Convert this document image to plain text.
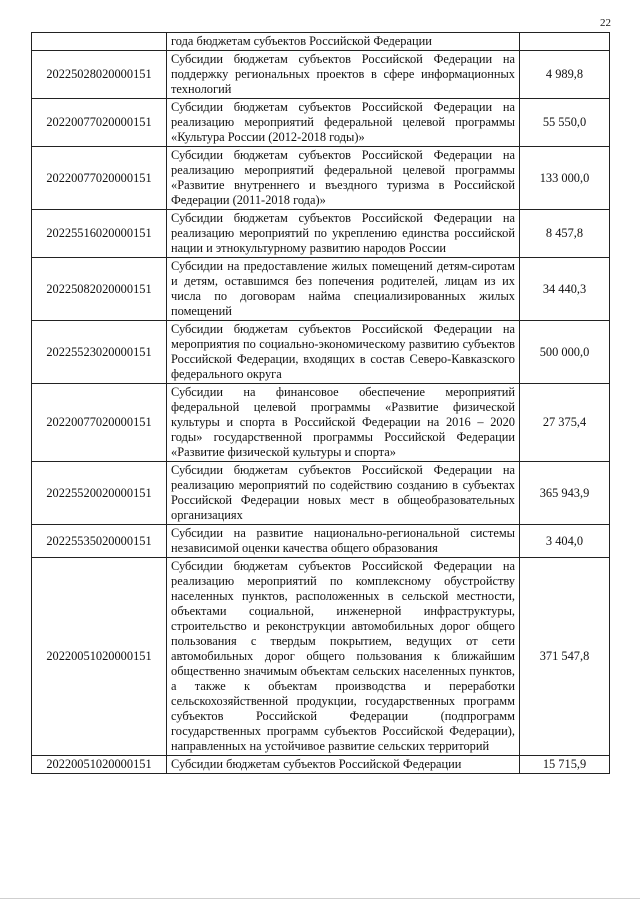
22
	года бюджетам субъектов Российской Федерации	
20225028020000151	Субсидии бюджетам субъектов Российской Федерации на поддержку региональных проектов в сфере информационных технологий	4 989,8
20220077020000151	Субсидии бюджетам субъектов Российской Федерации на реализацию мероприятий федеральной целевой программы «Культура России (2012-2018 годы)»	55 550,0
20220077020000151	Субсидии бюджетам субъектов Российской Федерации на реализацию мероприятий федеральной целевой программы «Развитие внутреннего и въездного туризма в Российской Федерации (2011-2018 года)»	133 000,0
20225516020000151	Субсидии бюджетам субъектов Российской Федерации на реализацию мероприятий по укреплению единства российской нации и этнокультурному развитию народов России	8 457,8
20225082020000151	Субсидии на предоставление жилых помещений детям-сиротам и детям, оставшимся без попечения родителей, лицам из их числа по договорам найма специализированных жилых помещений	34 440,3
20225523020000151	Субсидии бюджетам субъектов Российской Федерации на мероприятия по социально-экономическому развитию субъектов Российской Федерации, входящих в состав Северо-Кавказского федерального округа	500 000,0
20220077020000151	Субсидии на финансовое обеспечение мероприятий федеральной целевой программы «Развитие физической культуры и спорта в Российской Федерации на 2016 – 2020 годы» государственной программы Российской Федерации «Развитие физической культуры и спорта»	27 375,4
20225520020000151	Субсидии бюджетам субъектов Российской Федерации на реализацию мероприятий по содействию созданию в субъектах Российской Федерации новых мест в общеобразовательных организациях	365 943,9
20225535020000151	Субсидии на развитие национально-региональной системы независимой оценки качества общего образования	3 404,0
20220051020000151	Субсидии бюджетам субъектов Российской Федерации на реализацию мероприятий по комплексному обустройству населенных пунктов, расположенных в сельской местности, объектами социальной, инженерной инфраструктуры, строительство и реконструкции автомобильных дорог общего пользования с твердым покрытием, ведущих от сети автомобильных дорог общего пользования к ближайшим общественно значимым объектам сельских населенных пунктов, а также к объектам производства и переработки сельскохозяйственной продукции, государственных программ субъектов Российской Федерации (подпрограмм государственных программ субъектов Российской Федерации), направленных на устойчивое развитие сельских территорий	371 547,8
20220051020000151	Субсидии бюджетам субъектов Российской Федерации	15 715,9
